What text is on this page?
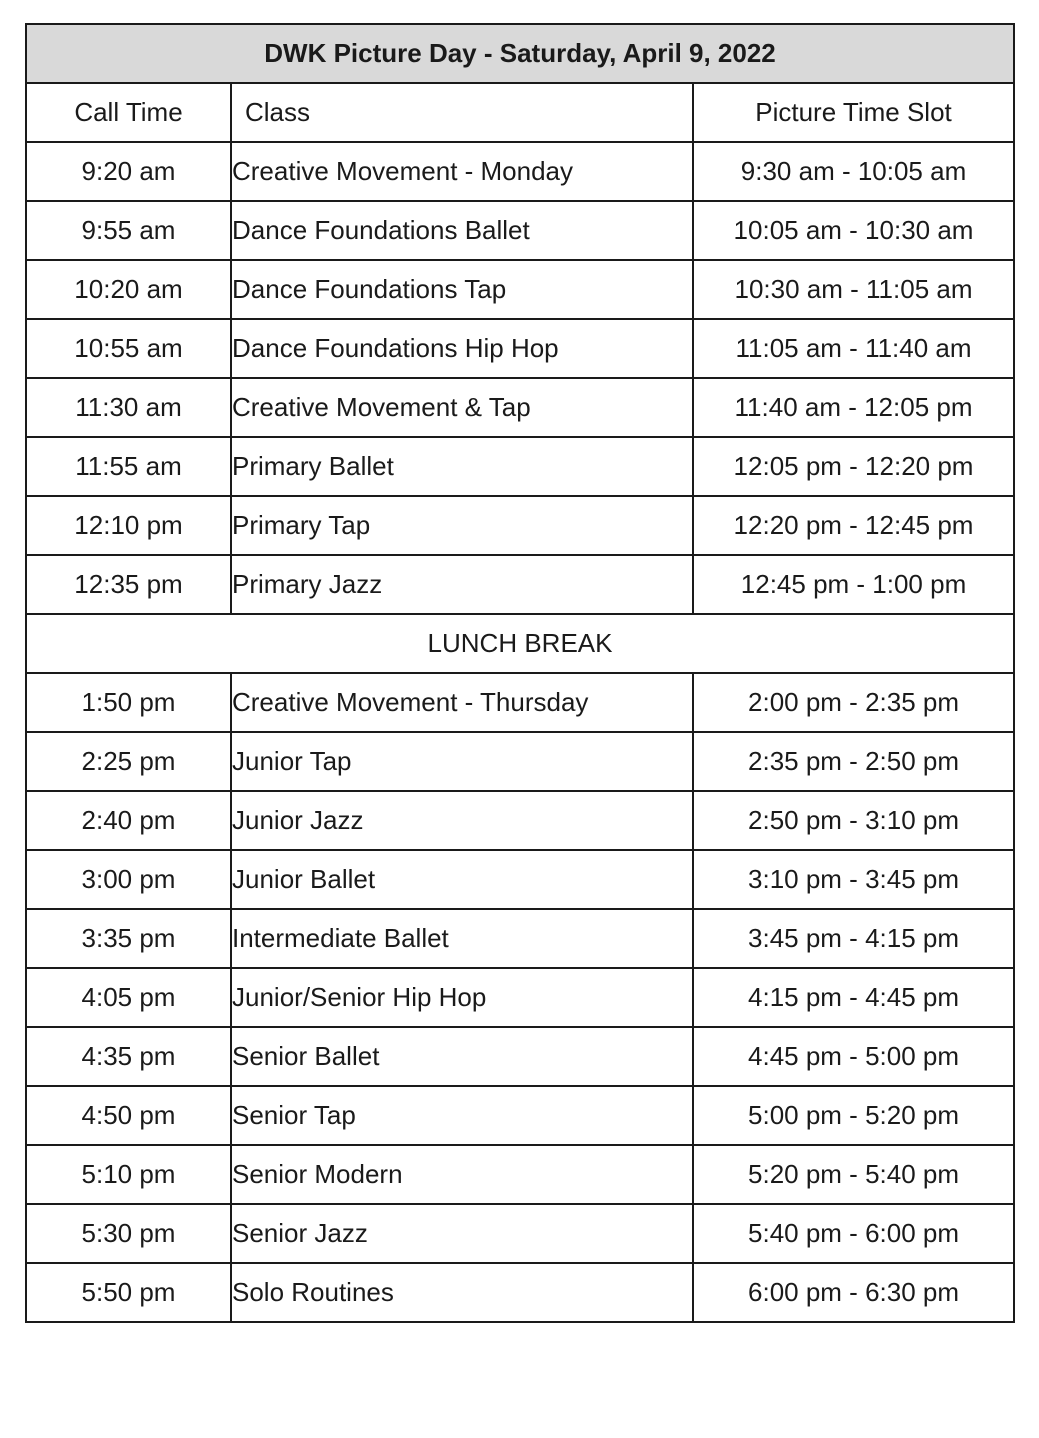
DWK Picture Day - Saturday, April 9, 2022		
Call Time	Class	Picture Time Slot
9:20 am	Creative Movement - Monday	9:30 am - 10:05 am
9:55 am	Dance Foundations Ballet	10:05 am - 10:30 am
10:20 am	Dance Foundations Tap	10:30 am - 11:05 am
10:55 am	Dance Foundations Hip Hop	11:05 am - 11:40 am
11:30 am	Creative Movement & Tap	11:40 am - 12:05 pm
11:55 am	Primary Ballet	12:05 pm - 12:20 pm
12:10 pm	Primary Tap	12:20 pm - 12:45 pm
12:35 pm	Primary Jazz	12:45 pm - 1:00 pm
LUNCH BREAK		
1:50 pm	Creative Movement - Thursday	2:00 pm - 2:35 pm
2:25 pm	Junior Tap	2:35 pm - 2:50 pm
2:40 pm	Junior Jazz	2:50 pm - 3:10 pm
3:00 pm	Junior Ballet	3:10 pm - 3:45 pm
3:35 pm	Intermediate Ballet	3:45 pm - 4:15 pm
4:05 pm	Junior/Senior Hip Hop	4:15 pm - 4:45 pm
4:35 pm	Senior Ballet	4:45 pm - 5:00 pm
4:50 pm	Senior Tap	5:00 pm - 5:20 pm
5:10 pm	Senior Modern	5:20 pm - 5:40 pm
5:30 pm	Senior Jazz	5:40 pm - 6:00 pm
5:50 pm	Solo Routines	6:00 pm - 6:30 pm
